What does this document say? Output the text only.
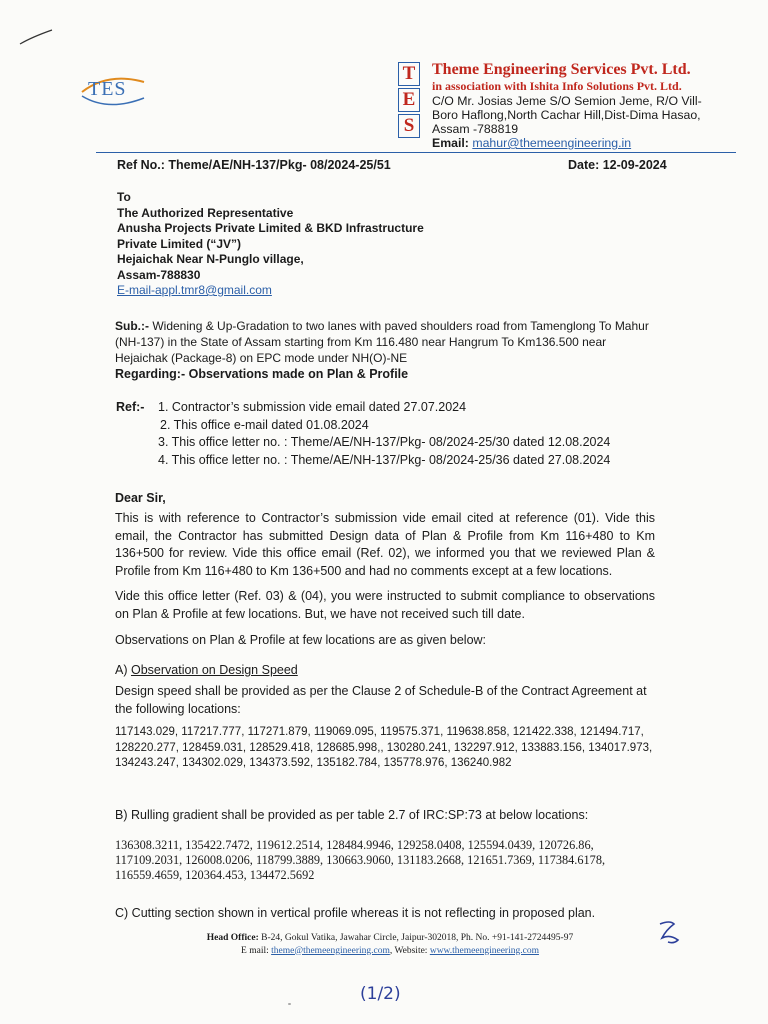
TES
T
E
S
Theme Engineering Services Pvt. Ltd.
in association with Ishita Info Solutions Pvt. Ltd.
C/O Mr. Josias Jeme S/O Semion Jeme, R/O Vill-
Boro Haflong,North Cachar Hill,Dist-Dima Hasao,
Assam -788819
Email: mahur@themeengineering.in
Ref No.: Theme/AE/NH-137/Pkg- 08/2024-25/51	Date: 12-09-2024
To
The Authorized Representative
Anusha Projects Private Limited & BKD Infrastructure
Private Limited (“JV”)
Hejaichak Near N-Punglo village,
Assam-788830
E-mail-appl.tmr8@gmail.com
Sub.:- Widening & Up-Gradation to two lanes with paved shoulders road from Tamenglong To Mahur (NH-137) in the State of Assam starting from Km 116.480 near Hangrum To Km136.500 near Hejaichak (Package-8) on EPC mode under NH(O)-NE
Regarding:- Observations made on Plan & Profile
Ref:- 1. Contractor’s submission vide email dated 27.07.2024
2. This office e-mail dated 01.08.2024
3. This office letter no. : Theme/AE/NH-137/Pkg- 08/2024-25/30 dated 12.08.2024
4. This office letter no. : Theme/AE/NH-137/Pkg- 08/2024-25/36 dated 27.08.2024
Dear Sir,
This is with reference to Contractor’s submission vide email cited at reference (01). Vide this email, the Contractor has submitted Design data of Plan & Profile from Km 116+480 to Km 136+500 for review. Vide this office email (Ref. 02), we informed you that we reviewed Plan & Profile from Km 116+480 to Km 136+500 and had no comments except at a few locations.
Vide this office letter (Ref. 03) & (04), you were instructed to submit compliance to observations on Plan & Profile at few locations. But, we have not received such till date.
Observations on Plan & Profile at few locations are as given below:
A) Observation on Design Speed
Design speed shall be provided as per the Clause 2 of Schedule-B of the Contract Agreement at the following locations:
117143.029, 117217.777, 117271.879, 119069.095, 119575.371, 119638.858, 121422.338, 121494.717, 128220.277, 128459.031, 128529.418, 128685.998,, 130280.241, 132297.912, 133883.156, 134017.973, 134243.247, 134302.029, 134373.592, 135182.784, 135778.976, 136240.982
B) Rulling gradient shall be provided as per table 2.7 of IRC:SP:73 at below locations:
136308.3211, 135422.7472, 119612.2514, 128484.9946, 129258.0408, 125594.0439, 120726.86, 117109.2031, 126008.0206, 118799.3889, 130663.9060, 131183.2668, 121651.7369, 117384.6178, 116559.4659, 120364.453, 134472.5692
C) Cutting section shown in vertical profile whereas it is not reflecting in proposed plan.
Head Office: B-24, Gokul Vatika, Jawahar Circle, Jaipur-302018, Ph. No. +91-141-2724495-97
E mail: theme@themeengineering.com, Website: www.themeengineering.com
(1/2)
